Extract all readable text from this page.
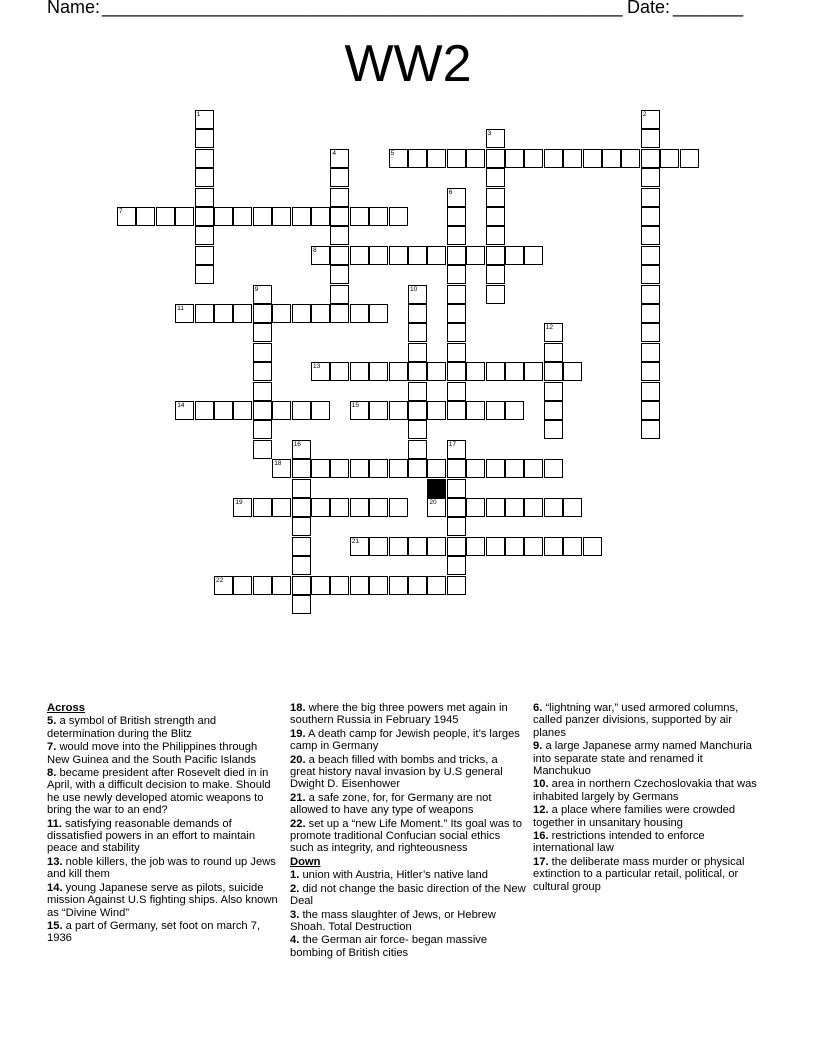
Name: ____________________________________________________ Date: _______
WW2
1	2
3
4	5
6
7
8
9	10
11
12
13
14	15
16	17
18
19	20
21
22
Across
5. a symbol of British strength and determination during the Blitz
7. would move into the Philippines through New Guinea and the South Pacific Islands
8. became president after Rosevelt died in in April, with a difficult decision to make. Should he use newly developed atomic weapons to bring the war to an end?
11. satisfying reasonable demands of dissatisfied powers in an effort to maintain peace and stability
13. noble killers, the job was to round up Jews and kill them
14. young Japanese serve as pilots, suicide mission Against U.S fighting ships. Also known as “Divine Wind”
15. a part of Germany, set foot on march 7, 1936
18. where the big three powers met again in southern Russia in February 1945
19. A death camp for Jewish people, it’s larges camp in Germany
20. a beach filled with bombs and tricks, a great history naval invasion by U.S general Dwight D. Eisenhower
21. a safe zone, for, for Germany are not allowed to have any type of weapons
22. set up a “new Life Moment.” Its goal was to promote traditional Confucian social ethics such as integrity, and righteousness
Down
1. union with Austria, Hitler’s native land
2. did not change the basic direction of the New Deal
3. the mass slaughter of Jews, or Hebrew Shoah. Total Destruction
4. the German air force- began massive bombing of British cities
6. “lightning war,” used armored columns, called panzer divisions, supported by air planes
9. a large Japanese army named Manchuria into separate state and renamed it Manchukuo
10. area in northern Czechoslovakia that was inhabited largely by Germans
12. a place where families were crowded together in unsanitary housing
16. restrictions intended to enforce international law
17. the deliberate mass murder or physical extinction to a particular retail, political, or cultural group
